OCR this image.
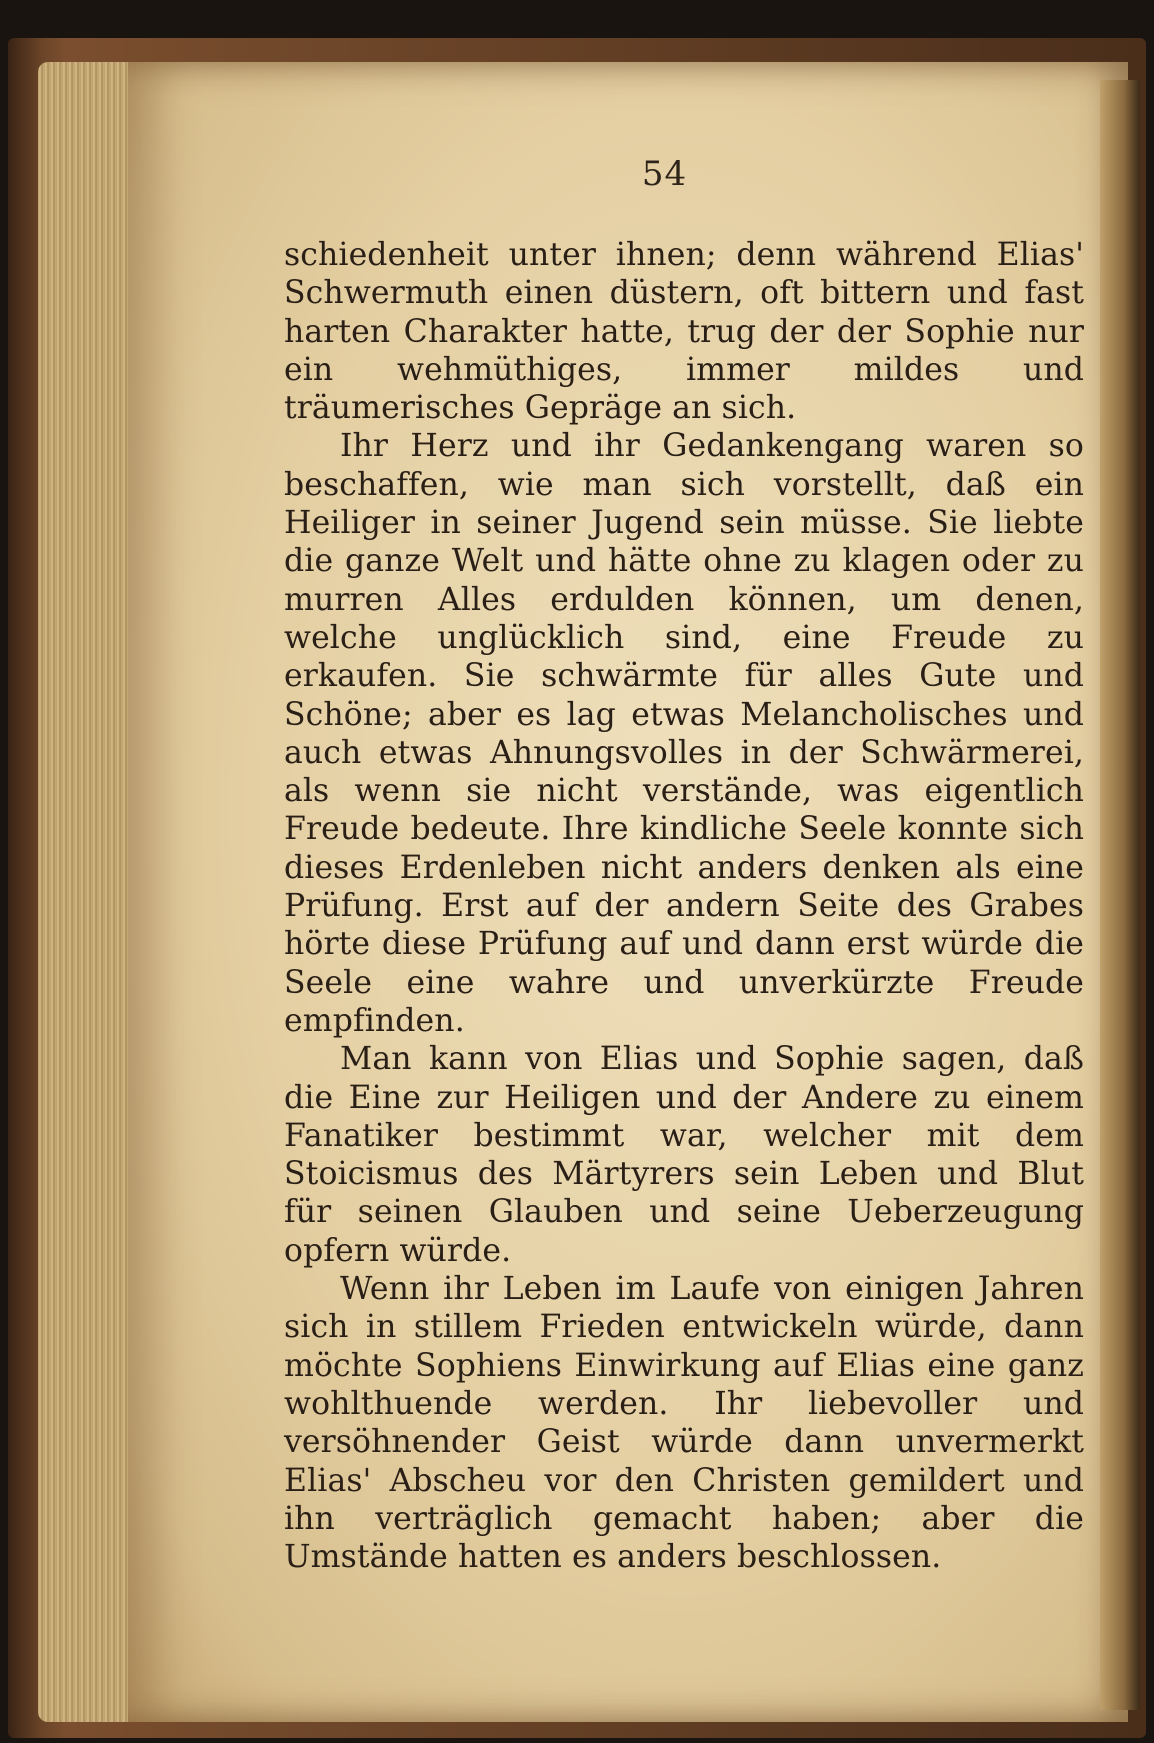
54

schiedenheit unter ihnen; denn während Elias' Schwermuth einen düstern, oft bittern und fast harten Charakter hatte, trug der der Sophie nur ein wehmüthiges, immer mildes und träumerisches Gepräge an sich.

Ihr Herz und ihr Gedankengang waren so beschaffen, wie man sich vorstellt, daß ein Heiliger in seiner Jugend sein müsse. Sie liebte die ganze Welt und hätte ohne zu klagen oder zu murren Alles erdulden können, um denen, welche unglücklich sind, eine Freude zu erkaufen. Sie schwärmte für alles Gute und Schöne; aber es lag etwas Melancholisches und auch etwas Ahnungsvolles in der Schwärmerei, als wenn sie nicht verstände, was eigentlich Freude bedeute. Ihre kindliche Seele konnte sich dieses Erdenleben nicht anders denken als eine Prüfung. Erst auf der andern Seite des Grabes hörte diese Prüfung auf und dann erst würde die Seele eine wahre und unverkürzte Freude empfinden.

Man kann von Elias und Sophie sagen, daß die Eine zur Heiligen und der Andere zu einem Fanatiker bestimmt war, welcher mit dem Stoicismus des Märtyrers sein Leben und Blut für seinen Glauben und seine Ueberzeugung opfern würde.

Wenn ihr Leben im Laufe von einigen Jahren sich in stillem Frieden entwickeln würde, dann möchte Sophiens Einwirkung auf Elias eine ganz wohlthuende werden. Ihr liebevoller und versöhnender Geist würde dann unvermerkt Elias' Abscheu vor den Christen gemildert und ihn verträglich gemacht haben; aber die Umstände hatten es anders beschlossen.
